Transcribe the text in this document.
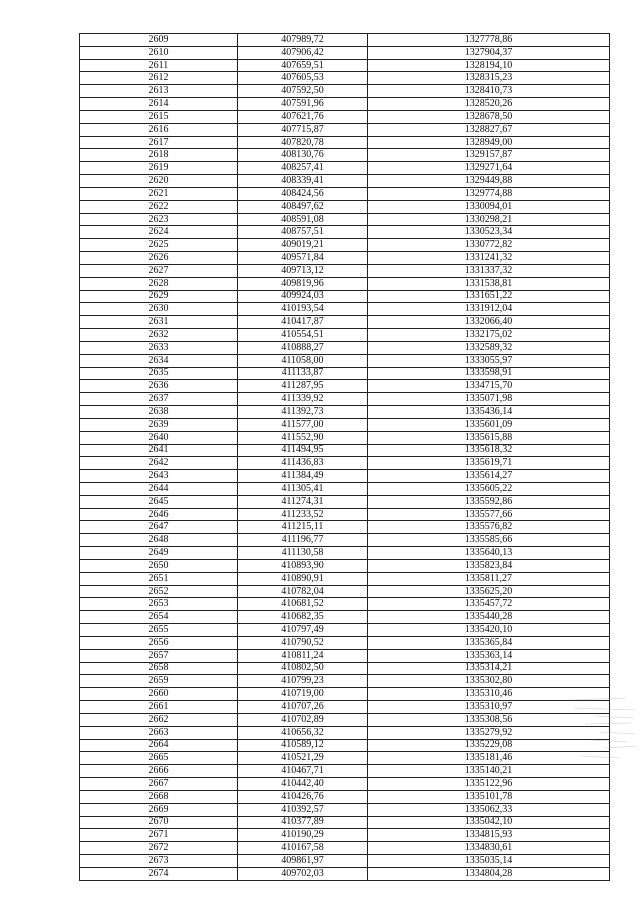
2609	407989,72	1327778,86
2610	407906,42	1327904,37
2611	407659,51	1328194,10
2612	407605,53	1328315,23
2613	407592,50	1328410,73
2614	407591,96	1328520,26
2615	407621,76	1328678,50
2616	407715,87	1328827,67
2617	407820,78	1328949,00
2618	408130,76	1329157,87
2619	408257,41	1329271,64
2620	408339,41	1329449,88
2621	408424,56	1329774,88
2622	408497,62	1330094,01
2623	408591,08	1330298,21
2624	408757,51	1330523,34
2625	409019,21	1330772,82
2626	409571,84	1331241,32
2627	409713,12	1331337,32
2628	409819,96	1331538,81
2629	409924,03	1331651,22
2630	410193,54	1331912,04
2631	410417,87	1332066,40
2632	410554,51	1332175,02
2633	410888,27	1332589,32
2634	411058,00	1333055,97
2635	411133,87	1333598,91
2636	411287,95	1334715,70
2637	411339,92	1335071,98
2638	411392,73	1335436,14
2639	411577,00	1335601,09
2640	411552,90	1335615,88
2641	411494,95	1335618,32
2642	411436,83	1335619,71
2643	411384,49	1335614,27
2644	411305,41	1335605,22
2645	411274,31	1335592,86
2646	411233,52	1335577,66
2647	411215,11	1335576,82
2648	411196,77	1335585,66
2649	411130,58	1335640,13
2650	410893,90	1335823,84
2651	410890,91	1335811,27
2652	410782,04	1335625,20
2653	410681,52	1335457,72
2654	410682,35	1335440,28
2655	410797,49	1335420,10
2656	410790,52	1335365,84
2657	410811,24	1335363,14
2658	410802,50	1335314,21
2659	410799,23	1335302,80
2660	410719,00	1335310,46
2661	410707,26	1335310,97
2662	410702,89	1335308,56
2663	410656,32	1335279,92
2664	410589,12	1335229,08
2665	410521,29	1335181,46
2666	410467,71	1335140,21
2667	410442,40	1335122,96
2668	410426,76	1335101,78
2669	410392,57	1335062,33
2670	410377,89	1335042,10
2671	410190,29	1334815,93
2672	410167,58	1334830,61
2673	409861,97	1335035,14
2674	409702,03	1334804,28
